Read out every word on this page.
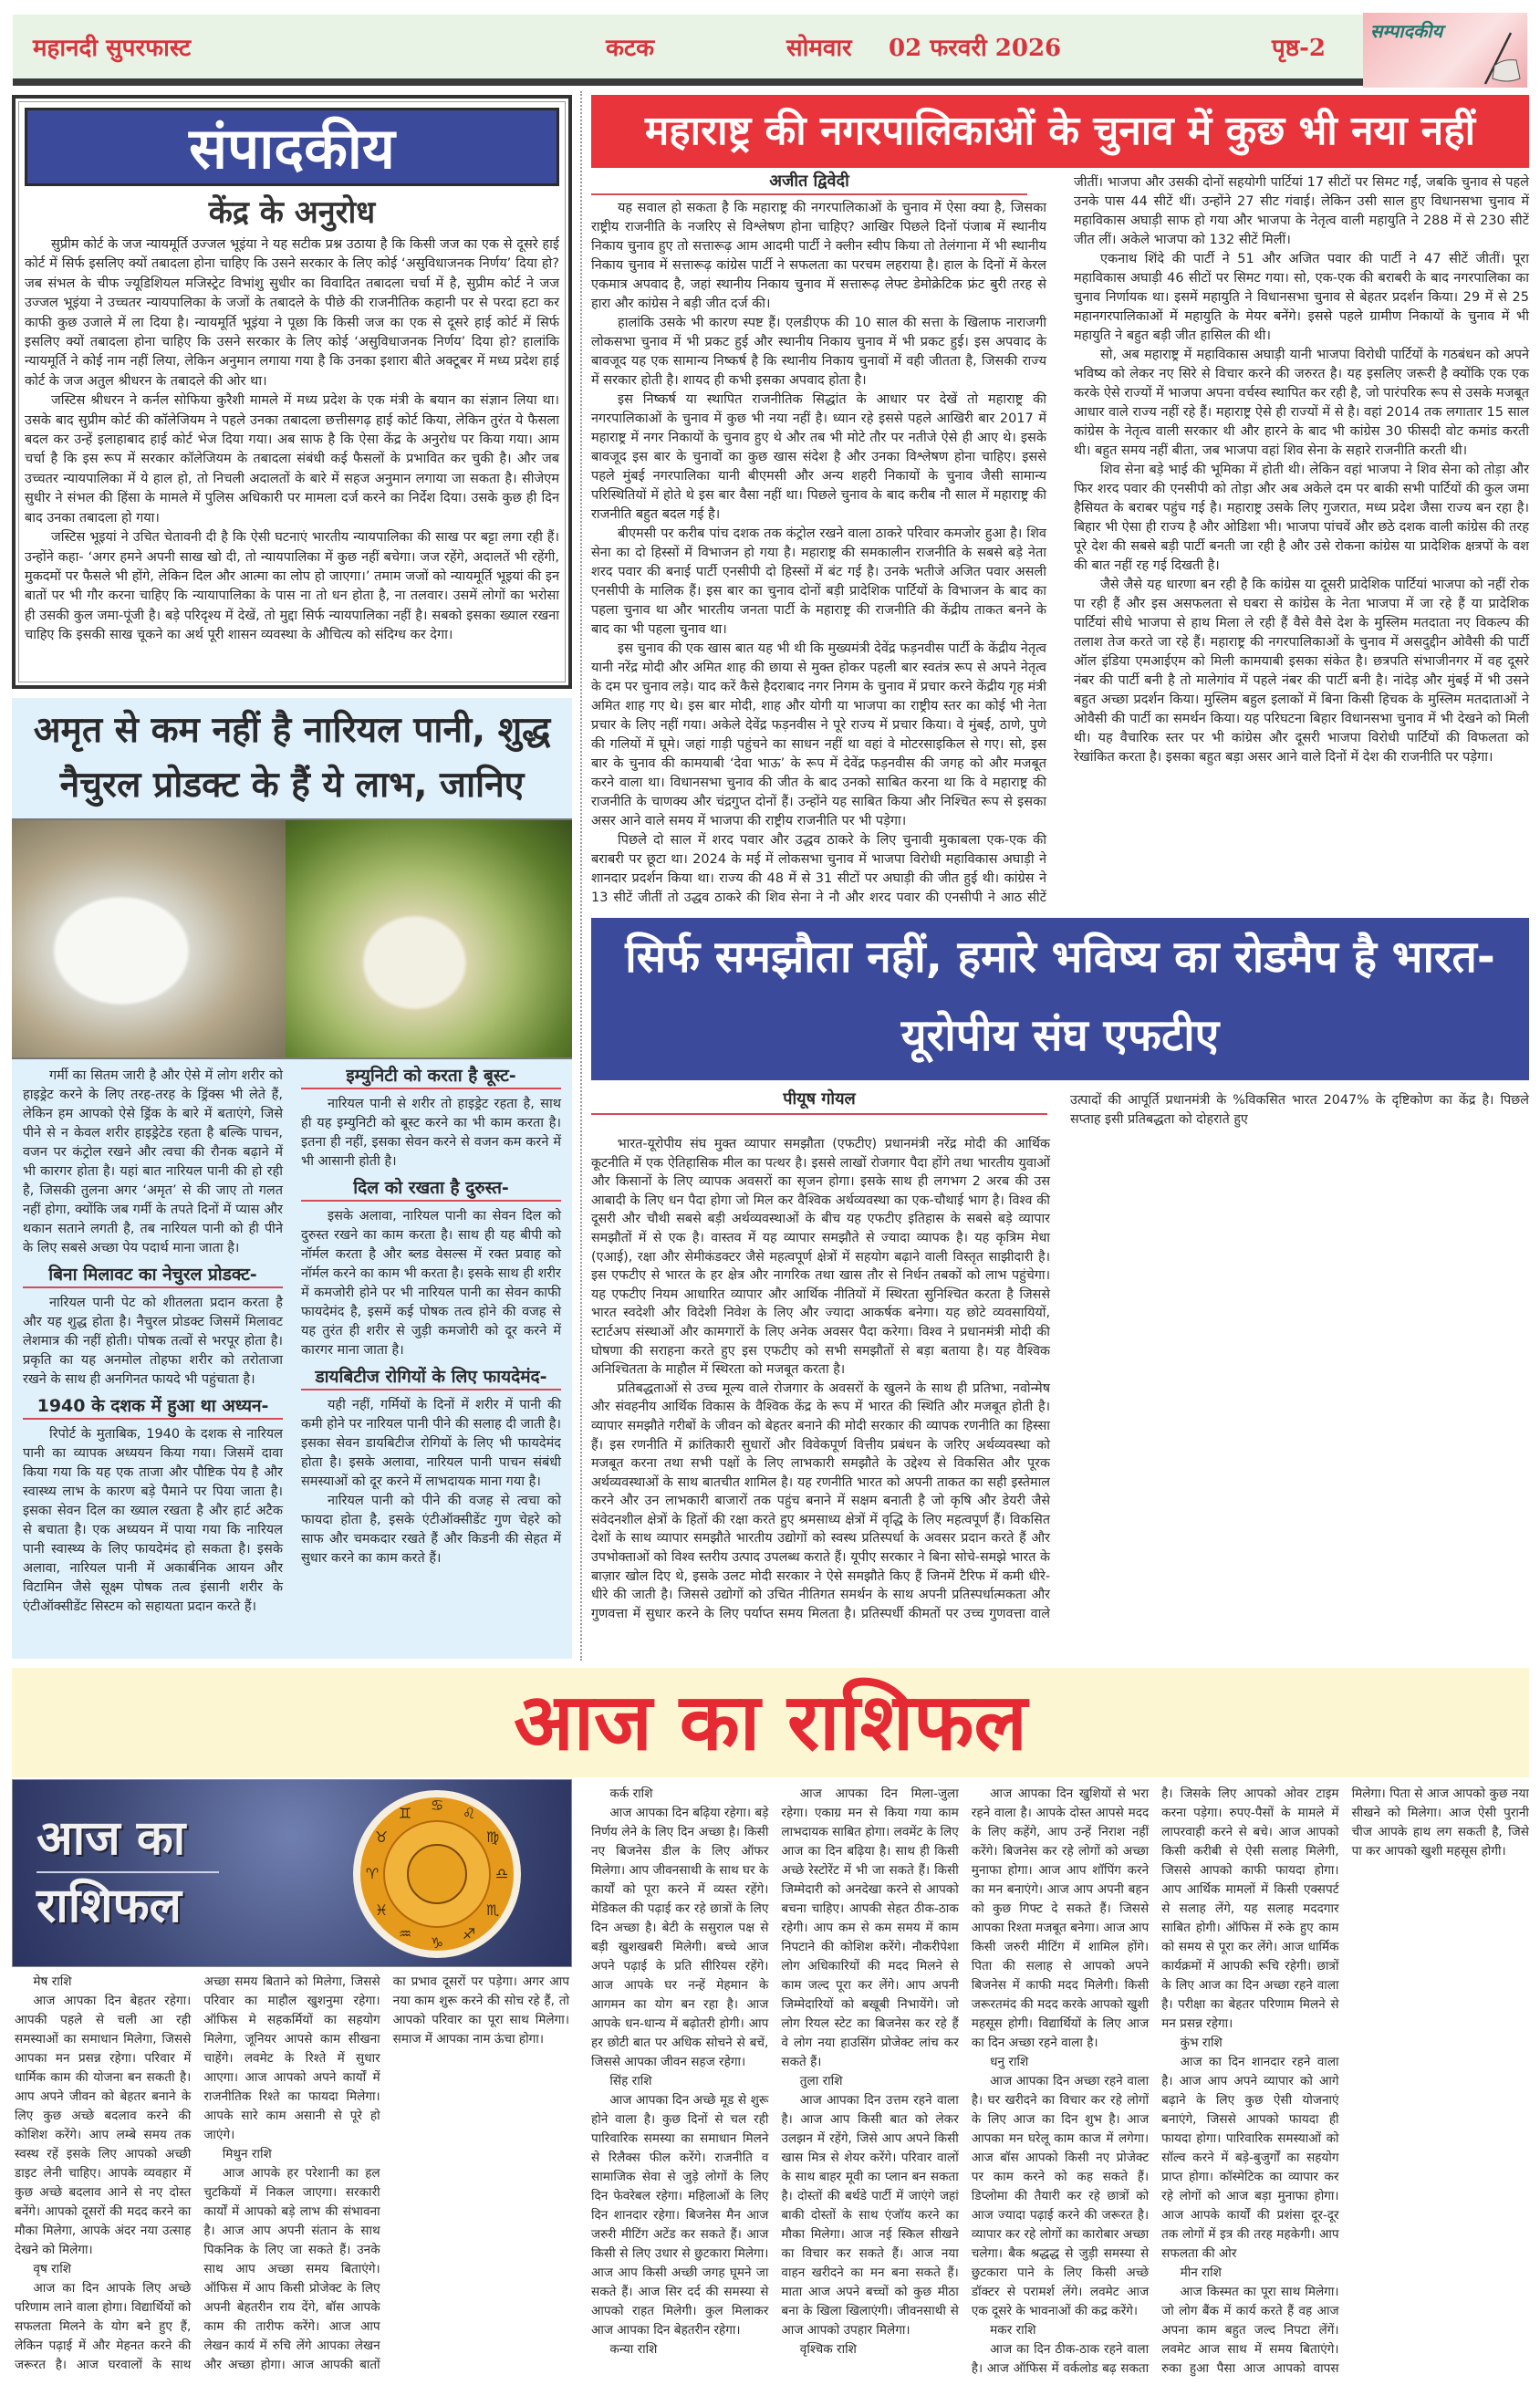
महानदी सुपरफास्ट	कटक	सोमवार 02 फरवरी 2026	पृष्ठ-2
सम्पादकीय
संपादकीय
केंद्र के अनुरोध

सुप्रीम कोर्ट के जज न्यायमूर्ति उज्जल भूइंया ने यह सटीक प्रश्न उठाया है कि किसी जज का एक से दूसरे हाई कोर्ट में सिर्फ इसलिए क्यों तबादला होना चाहिए कि उसने सरकार के लिए कोई ‘असुविधाजनक निर्णय’ दिया हो? जब संभल के चीफ ज्यूडिशियल मजिस्ट्रेट विभांशु सुधीर का विवादित तबादला चर्चा में है, सुप्रीम कोर्ट ने जज उज्जल भूइंया ने उच्चतर न्यायपालिका के जजों के तबादले के पीछे की राजनीतिक कहानी पर से परदा हटा कर काफी कुछ उजाले में ला दिया है। न्यायमूर्ति भूइंया ने पूछा कि किसी जज का एक से दूसरे हाई कोर्ट में सिर्फ इसलिए क्यों तबादला होना चाहिए कि उसने सरकार के लिए कोई ‘असुविधाजनक निर्णय’ दिया हो? हालांकि न्यायमूर्ति ने कोई नाम नहीं लिया, लेकिन अनुमान लगाया गया है कि उनका इशारा बीते अक्टूबर में मध्य प्रदेश हाई कोर्ट के जज अतुल श्रीधरन के तबादले की ओर था।

जस्टिस श्रीधरन ने कर्नल सोफिया कुरैशी मामले में मध्य प्रदेश के एक मंत्री के बयान का संज्ञान लिया था। उसके बाद सुप्रीम कोर्ट की कॉलेजियम ने पहले उनका तबादला छत्तीसगढ़ हाई कोर्ट किया, लेकिन तुरंत ये फैसला बदल कर उन्हें इलाहाबाद हाई कोर्ट भेज दिया गया। अब साफ है कि ऐसा केंद्र के अनुरोध पर किया गया। आम चर्चा है कि इस रूप में सरकार कॉलेजियम के तबादला संबंधी कई फैसलों के प्रभावित कर चुकी है। और जब उच्चतर न्यायपालिका में ये हाल हो, तो निचली अदालतों के बारे में सहज अनुमान लगाया जा सकता है। सीजेएम सुधीर ने संभल की हिंसा के मामले में पुलिस अधिकारी पर मामला दर्ज करने का निर्देश दिया। उसके कुछ ही दिन बाद उनका तबादला हो गया।

जस्टिस भूइयां ने उचित चेतावनी दी है कि ऐसी घटनाएं भारतीय न्यायपालिका की साख पर बट्टा लगा रही हैं। उन्होंने कहा- ‘अगर हमने अपनी साख खो दी, तो न्यायपालिका में कुछ नहीं बचेगा। जज रहेंगे, अदालतें भी रहेंगी, मुकदमों पर फैसले भी होंगे, लेकिन दिल और आत्मा का लोप हो जाएगा।’ तमाम जजों को न्यायमूर्ति भूइयां की इन बातों पर भी गौर करना चाहिए कि न्यायापालिका के पास ना तो धन होता है, ना तलवार। उसमें लोगों का भरोसा ही उसकी कुल जमा-पूंजी है। बड़े परिदृश्य में देखें, तो मुद्दा सिर्फ न्यायपालिका नहीं है। सबको इसका ख्याल रखना चाहिए कि इसकी साख चूकने का अर्थ पूरी शासन व्यवस्था के औचित्य को संदिग्ध कर देगा।

अमृत से कम नहीं है नारियल पानी, शुद्ध नैचुरल प्रोडक्ट के हैं ये लाभ, जानिए

गर्मी का सितम जारी है और ऐसे में लोग शरीर को हाइड्रेट करने के लिए तरह-तरह के ड्रिंक्स भी लेते हैं, लेकिन हम आपको ऐसे ड्रिंक के बारे में बताएंगे, जिसे पीने से न केवल शरीर हाइड्रेटेड रहता है बल्कि पाचन, वजन पर कंट्रोल रखने और त्वचा की रौनक बढ़ाने में भी कारगर होता है। यहां बात नारियल पानी की हो रही है, जिसकी तुलना अगर ‘अमृत’ से की जाए तो गलत नहीं होगा, क्योंकि जब गर्मी के तपते दिनों में प्यास और थकान सताने लगती है, तब नारियल पानी को ही पीने के लिए सबसे अच्छा पेय पदार्थ माना जाता है।

बिना मिलावट का नेचुरल प्रोडक्ट-

नारियल पानी पेट को शीतलता प्रदान करता है और यह शुद्ध होता है। नैचुरल प्रोडक्ट जिसमें मिलावट लेशमात्र की नहीं होती। पोषक तत्वों से भरपूर होता है। प्रकृति का यह अनमोल तोहफा शरीर को तरोताजा रखने के साथ ही अनगिनत फायदे भी पहुंचाता है।

1940 के दशक में हुआ था अध्यन-

रिपोर्ट के मुताबिक, 1940 के दशक से नारियल पानी का व्यापक अध्ययन किया गया। जिसमें दावा किया गया कि यह एक ताजा और पौष्टिक पेय है और स्वास्थ्य लाभ के कारण बड़े पैमाने पर पिया जाता है। इसका सेवन दिल का ख्याल रखता है और हार्ट अटैक से बचाता है। एक अध्ययन में पाया गया कि नारियल पानी स्वास्थ्य के लिए फायदेमंद हो सकता है। इसके अलावा, नारियल पानी में अकार्बनिक आयन और विटामिन जैसे सूक्ष्म पोषक तत्व इंसानी शरीर के एंटीऑक्सीडेंट सिस्टम को सहायता प्रदान करते हैं।

इम्युनिटी को करता है बूस्ट-

नारियल पानी से शरीर तो हाइड्रेट रहता है, साथ ही यह इम्युनिटी को बूस्ट करने का भी काम करता है। इतना ही नहीं, इसका सेवन करने से वजन कम करने में भी आसानी होती है।

दिल को रखता है दुरुस्त-

इसके अलावा, नारियल पानी का सेवन दिल को दुरुस्त रखने का काम करता है। साथ ही यह बीपी को नॉर्मल करता है और ब्लड वेसल्स में रक्त प्रवाह को नॉर्मल करने का काम भी करता है। इसके साथ ही शरीर में कमजोरी होने पर भी नारियल पानी का सेवन काफी फायदेमंद है, इसमें कई पोषक तत्व होने की वजह से यह तुरंत ही शरीर से जुड़ी कमजोरी को दूर करने में कारगर माना जाता है।

डायबिटीज रोगियों के लिए फायदेमंद-

यही नहीं, गर्मियों के दिनों में शरीर में पानी की कमी होने पर नारियल पानी पीने की सलाह दी जाती है। इसका सेवन डायबिटीज रोगियों के लिए भी फायदेमंद होता है। इसके अलावा, नारियल पानी पाचन संबंधी समस्याओं को दूर करने में लाभदायक माना गया है।

नारियल पानी को पीने की वजह से त्वचा को फायदा होता है, इसके एंटीऑक्सीडेंट गुण चेहरे को साफ और चमकदार रखते हैं और किडनी की सेहत में सुधार करने का काम करते हैं।

महाराष्ट्र की नगरपालिकाओं के चुनाव में कुछ भी नया नहीं

यह सवाल हो सकता है कि महाराष्ट्र की नगरपालिकाओं के चुनाव में ऐसा क्या है, जिसका राष्ट्रीय राजनीति के नजरिए से विश्लेषण होना चाहिए? आखिर पिछले दिनों पंजाब में स्थानीय निकाय चुनाव हुए तो सत्तारूढ़ आम आदमी पार्टी ने क्लीन स्वीप किया तो तेलंगाना में भी स्थानीय निकाय चुनाव में सत्तारूढ़ कांग्रेस पार्टी ने सफलता का परचम लहराया है। हाल के दिनों में केरल एकमात्र अपवाद है, जहां स्थानीय निकाय चुनाव में सत्तारूढ़ लेफ्ट डेमोक्रेटिक फ्रंट बुरी तरह से हारा और कांग्रेस ने बड़ी जीत दर्ज की।

हालांकि उसके भी कारण स्पष्ट हैं। एलडीएफ की 10 साल की सत्ता के खिलाफ नाराजगी लोकसभा चुनाव में भी प्रकट हुई और स्थानीय निकाय चुनाव में भी प्रकट हुई। इस अपवाद के बावजूद यह एक सामान्य निष्कर्ष है कि स्थानीय निकाय चुनावों में वही जीतता है, जिसकी राज्य में सरकार होती है। शायद ही कभी इसका अपवाद होता है।

इस निष्कर्ष या स्थापित राजनीतिक सिद्धांत के आधार पर देखें तो महाराष्ट्र की नगरपालिकाओं के चुनाव में कुछ भी नया नहीं है। ध्यान रहे इससे पहले आखिरी बार 2017 में महाराष्ट्र में नगर निकायों के चुनाव हुए थे और तब भी मोटे तौर पर नतीजे ऐसे ही आए थे। इसके बावजूद इस बार के चुनावों का कुछ खास संदेश है और उनका विश्लेषण होना चाहिए। इससे पहले मुंबई नगरपालिका यानी बीएमसी और अन्य शहरी निकायों के चुनाव जैसी सामान्य परिस्थितियों में होते थे इस बार वैसा नहीं था। पिछले चुनाव के बाद करीब नौ साल में महाराष्ट्र की राजनीति बहुत बदल गई है।

बीएमसी पर करीब पांच दशक तक कंट्रोल रखने वाला ठाकरे परिवार कमजोर हुआ है। शिव सेना का दो हिस्सों में विभाजन हो गया है। महाराष्ट्र की समकालीन राजनीति के सबसे बड़े नेता शरद पवार की बनाई पार्टी एनसीपी दो हिस्सों में बंट गई है। उनके भतीजे अजित पवार असली एनसीपी के मालिक हैं। इस बार का चुनाव दोनों बड़ी प्रादेशिक पार्टियों के विभाजन के बाद का पहला चुनाव था और भारतीय जनता पार्टी के महाराष्ट्र की राजनीति की केंद्रीय ताकत बनने के बाद का भी पहला चुनाव था।

इस चुनाव की एक खास बात यह भी थी कि मुख्यमंत्री देवेंद्र फड़नवीस पार्टी के केंद्रीय नेतृत्व यानी नरेंद्र मोदी और अमित शाह की छाया से मुक्त होकर पहली बार स्वतंत्र रूप से अपने नेतृत्व के दम पर चुनाव लड़े। याद करें कैसे हैदराबाद नगर निगम के चुनाव में प्रचार करने केंद्रीय गृह मंत्री अमित शाह गए थे। इस बार मोदी, शाह और योगी या भाजपा का राष्ट्रीय स्तर का कोई भी नेता प्रचार के लिए नहीं गया। अकेले देवेंद्र फड़नवीस ने पूरे राज्य में प्रचार किया। वे मुंबई, ठाणे, पुणे की गलियों में घूमे। जहां गाड़ी पहुंचने का साधन नहीं था वहां वे मोटरसाइकिल से गए। सो, इस बार के चुनाव की कामयाबी ‘देवा भाऊ’ के रूप में देवेंद्र फड़नवीस की जगह को और मजबूत करने वाला था। विधानसभा चुनाव की जीत के बाद उनको साबित करना था कि वे महाराष्ट्र की राजनीति के चाणक्य और चंद्रगुप्त दोनों हैं। उन्होंने यह साबित किया और निश्चित रूप से इसका असर आने वाले समय में भाजपा की राष्ट्रीय राजनीति पर भी पड़ेगा।

पिछले दो साल में शरद पवार और उद्धव ठाकरे के लिए चुनावी मुकाबला एक-एक की बराबरी पर छूटा था। 2024 के मई में लोकसभा चुनाव में भाजपा विरोधी महाविकास अघाड़ी ने शानदार प्रदर्शन किया था। राज्य की 48 में से 31 सीटों पर अघाड़ी की जीत हुई थी। कांग्रेस ने 13 सीटें जीतीं तो उद्धव ठाकरे की शिव सेना ने नौ और शरद पवार की एनसीपी ने आठ सीटें जीतीं। भाजपा और उसकी दोनों सहयोगी पार्टियां 17 सीटों पर सिमट गईं, जबकि चुनाव से पहले उनके पास 44 सीटें थीं। उन्होंने 27 सीट गंवाई। लेकिन उसी साल हुए विधानसभा चुनाव में महाविकास अघाड़ी साफ हो गया और भाजपा के नेतृत्व वाली महायुति ने 288 में से 230 सीटें जीत लीं। अकेले भाजपा को 132 सीटें मिलीं।

एकनाथ शिंदे की पार्टी ने 51 और अजित पवार की पार्टी ने 47 सीटें जीतीं। पूरा महाविकास अघाड़ी 46 सीटों पर सिमट गया। सो, एक-एक की बराबरी के बाद नगरपालिका का चुनाव निर्णायक था। इसमें महायुति ने विधानसभा चुनाव से बेहतर प्रदर्शन किया। 29 में से 25 महानगरपालिकाओं में महायुति के मेयर बनेंगे। इससे पहले ग्रामीण निकायों के चुनाव में भी महायुति ने बहुत बड़ी जीत हासिल की थी।

सो, अब महाराष्ट्र में महाविकास अघाड़ी यानी भाजपा विरोधी पार्टियों के गठबंधन को अपने भविष्य को लेकर नए सिरे से विचार करने की जरुरत है। यह इसलिए जरूरी है क्योंकि एक एक करके ऐसे राज्यों में भाजपा अपना वर्चस्व स्थापित कर रही है, जो पारंपरिक रूप से उसके मजबूत आधार वाले राज्य नहीं रहे हैं। महाराष्ट्र ऐसे ही राज्यों में से है। वहां 2014 तक लगातार 15 साल कांग्रेस के नेतृत्व वाली सरकार थी और हारने के बाद भी कांग्रेस 30 फीसदी वोट कमांड करती थी। बहुत समय नहीं बीता, जब भाजपा वहां शिव सेना के सहारे राजनीति करती थी।

शिव सेना बड़े भाई की भूमिका में होती थी। लेकिन वहां भाजपा ने शिव सेना को तोड़ा और फिर शरद पवार की एनसीपी को तोड़ा और अब अकेले दम पर बाकी सभी पार्टियों की कुल जमा हैसियत के बराबर पहुंच गई है। महाराष्ट्र उसके लिए गुजरात, मध्य प्रदेश जैसा राज्य बन रहा है। बिहार भी ऐसा ही राज्य है और ओडिशा भी। भाजपा पांचवें और छठे दशक वाली कांग्रेस की तरह पूरे देश की सबसे बड़ी पार्टी बनती जा रही है और उसे रोकना कांग्रेस या प्रादेशिक क्षत्रपों के वश की बात नहीं रह गई दिखती है।

जैसे जैसे यह धारणा बन रही है कि कांग्रेस या दूसरी प्रादेशिक पार्टियां भाजपा को नहीं रोक पा रही हैं और इस असफलता से घबरा से कांग्रेस के नेता भाजपा में जा रहे हैं या प्रादेशिक पार्टियां सीधे भाजपा से हाथ मिला ले रही हैं वैसे वैसे देश के मुस्लिम मतदाता नए विकल्प की तलाश तेज करते जा रहे हैं। महाराष्ट्र की नगरपालिकाओं के चुनाव में असदुद्दीन ओवैसी की पार्टी ऑल इंडिया एमआईएम को मिली कामयाबी इसका संकेत है। छत्रपति संभाजीनगर में वह दूसरे नंबर की पार्टी बनी है तो मालेगांव में पहले नंबर की पार्टी बनी है। नांदेड़ और मुंबई में भी उसने बहुत अच्छा प्रदर्शन किया। मुस्लिम बहुल इलाकों में बिना किसी हिचक के मुस्लिम मतदाताओं ने ओवैसी की पार्टी का समर्थन किया। यह परिघटना बिहार विधानसभा चुनाव में भी देखने को मिली थी। यह वैचारिक स्तर पर भी कांग्रेस और दूसरी भाजपा विरोधी पार्टियों की विफलता को रेखांकित करता है। इसका बहुत बड़ा असर आने वाले दिनों में देश की राजनीति पर पड़ेगा।

अजीत द्विवेदी
सिर्फ समझौता नहीं, हमारे भविष्य का रोडमैप है भारत-यूरोपीय संघ एफटीए

भारत-यूरोपीय संघ मुक्त व्यापार समझौता (एफटीए) प्रधानमंत्री नरेंद्र मोदी की आर्थिक कूटनीति में एक ऐतिहासिक मील का पत्थर है। इससे लाखों रोजगार पैदा होंगे तथा भारतीय युवाओं और किसानों के लिए व्यापक अवसरों का सृजन होगा। इसके साथ ही लगभग 2 अरब की उस आबादी के लिए धन पैदा होगा जो मिल कर वैश्विक अर्थव्यवस्था का एक-चौथाई भाग है। विश्व की दूसरी और चौथी सबसे बड़ी अर्थव्यवस्थाओं के बीच यह एफटीए इतिहास के सबसे बड़े व्यापार समझौतों में से एक है। वास्तव में यह व्यापार समझौते से ज्यादा व्यापक है। यह कृत्रिम मेधा (एआई), रक्षा और सेमीकंडक्टर जैसे महत्वपूर्ण क्षेत्रों में सहयोग बढ़ाने वाली विस्तृत साझीदारी है। इस एफटीए से भारत के हर क्षेत्र और नागरिक तथा खास तौर से निर्धन तबकों को लाभ पहुंचेगा। यह एफटीए नियम आधारित व्यापार और आर्थिक नीतियों में स्थिरता सुनिश्चित करता है जिससे भारत स्वदेशी और विदेशी निवेश के लिए और ज्यादा आकर्षक बनेगा। यह छोटे व्यवसायियों, स्टार्टअप संस्थाओं और कामगारों के लिए अनेक अवसर पैदा करेगा। विश्व ने प्रधानमंत्री मोदी की घोषणा की सराहना करते हुए इस एफटीए को सभी समझौतों से बड़ा बताया है। यह वैश्विक अनिश्चितता के माहौल में स्थिरता को मजबूत करता है।

प्रतिबद्धताओं से उच्च मूल्य वाले रोजगार के अवसरों के खुलने के साथ ही प्रतिभा, नवोन्मेष और संवहनीय आर्थिक विकास के वैश्विक केंद्र के रूप में भारत की स्थिति और मजबूत होती है। व्यापार समझौते गरीबों के जीवन को बेहतर बनाने की मोदी सरकार की व्यापक रणनीति का हिस्सा हैं। इस रणनीति में क्रांतिकारी सुधारों और विवेकपूर्ण वित्तीय प्रबंधन के जरिए अर्थव्यवस्था को मजबूत करना तथा सभी पक्षों के लिए लाभकारी समझौते के उद्देश्य से विकसित और पूरक अर्थव्यवस्थाओं के साथ बातचीत शामिल है। यह रणनीति भारत को अपनी ताकत का सही इस्तेमाल करने और उन लाभकारी बाजारों तक पहुंच बनाने में सक्षम बनाती है जो कृषि और डेयरी जैसे संवेदनशील क्षेत्रों के हितों की रक्षा करते हुए श्रमसाध्य क्षेत्रों में वृद्धि के लिए महत्वपूर्ण हैं। विकसित देशों के साथ व्यापार समझौते भारतीय उद्योगों को स्वस्थ प्रतिस्पर्धा के अवसर प्रदान करते हैं और उपभोक्ताओं को विश्व स्तरीय उत्पाद उपलब्ध कराते हैं। यूपीए सरकार ने बिना सोचे-समझे भारत के बाज़ार खोल दिए थे, इसके उलट मोदी सरकार ने ऐसे समझौते किए हैं जिनमें टैरिफ में कमी धीरे-धीरे की जाती है। जिससे उद्योगों को उचित नीतिगत समर्थन के साथ अपनी प्रतिस्पर्धात्मकता और गुणवत्ता में सुधार करने के लिए पर्याप्त समय मिलता है। प्रतिस्पर्धी कीमतों पर उच्च गुणवत्ता वाले उत्पादों की आपूर्ति प्रधानमंत्री के %विकसित भारत 2047% के दृष्टिकोण का केंद्र है। पिछले सप्ताह इसी प्रतिबद्धता को दोहराते हुए

पीयूष गोयल
आज का राशिफल
आज का
राशिफल
♋ ♌
♍
♎
♏
♐
♑
♒
♓
♈
♉
♊
मेष राशि

आज आपका दिन बेहतर रहेगा। आपकी पहले से चली आ रही समस्याओं का समाधान मिलेगा, जिससे आपका मन प्रसन्न रहेगा। परिवार में धार्मिक काम की योजना बन सकती है। आप अपने जीवन को बेहतर बनाने के लिए कुछ अच्छे बदलाव करने की कोशिश करेंगे। आप लम्बे समय तक स्वस्थ रहें इसके लिए आपको अच्छी डाइट लेनी चाहिए। आपके व्यवहार में कुछ अच्छे बदलाव आने से नए दोस्त बनेंगे। आपको दूसरों की मदद करने का मौका मिलेगा, आपके अंदर नया उत्साह देखने को मिलेगा।

वृष राशि

आज का दिन आपके लिए अच्छे परिणाम लाने वाला होगा। विद्यार्थियों को सफलता मिलने के योग बने हुए हैं, लेकिन पढ़ाई में और मेहनत करने की जरूरत है। आज घरवालों के साथ अच्छा समय बिताने को मिलेगा, जिससे परिवार का माहौल खुशनुमा रहेगा। ऑफिस मे सहकर्मियों का सहयोग मिलेगा, जूनियर आपसे काम सीखना चाहेंगे। लवमेट के रिश्ते में सुधार आएगा। आज आपको अपने कार्यों में राजनीतिक रिश्ते का फायदा मिलेगा। आपके सारे काम असानी से पूरे हो जाएंगे।

मिथुन राशि

आज आपके हर परेशानी का हल चुटकियों में निकल जाएगा। सरकारी कार्यों में आपको बड़े लाभ की संभावना है। आज आप अपनी संतान के साथ पिकनिक के लिए जा सकते हैं। उनके साथ आप अच्छा समय बिताएंगे। ऑफिस में आप किसी प्रोजेक्ट के लिए अपनी बेहतरीन राय देंगे, बॉस आपके काम की तारीफ करेंगे। आज आप लेखन कार्य में रुचि लेंगे आपका लेखन और अच्छा होगा। आज आपकी बातों का प्रभाव दूसरों पर पड़ेगा। अगर आप नया काम शुरू करने की सोच रहे हैं, तो आपको परिवार का पूरा साथ मिलेगा। समाज में आपका नाम ऊंचा होगा।

कर्क राशि

आज आपका दिन बढ़िया रहेगा। बड़े निर्णय लेने के लिए दिन अच्छा है। किसी नए बिजनेस डील के लिए ऑफर मिलेगा। आप जीवनसाथी के साथ घर के कार्यों को पूरा करने में व्यस्त रहेंगे। मेडिकल की पढ़ाई कर रहे छात्रों के लिए दिन अच्छा है। बेटी के ससुराल पक्ष से बड़ी खुशखबरी मिलेगी। बच्चे आज अपने पढ़ाई के प्रति सीरियस रहेंगे। आज आपके घर नन्हें मेहमान के आगमन का योग बन रहा है। आज आपके धन-धान्य में बढ़ोतरी होगी। आप हर छोटी बात पर अधिक सोचने से बचें, जिससे आपका जीवन सहज रहेगा।

सिंह राशि

आज आपका दिन अच्छे मूड से शुरू होने वाला है। कुछ दिनों से चल रही पारिवारिक समस्या का समाधान मिलने से रिलैक्स फील करेंगे। राजनीति व सामाजिक सेवा से जुड़े लोगों के लिए दिन फेवरेबल रहेगा। महिलाओं के लिए दिन शानदार रहेगा। बिजनेस मैन आज जरुरी मीटिंग अटेंड कर सकते हैं। आज किसी से लिए उधार से छुटकारा मिलेगा। आज आप किसी अच्छी जगह घूमने जा सकते हैं। आज सिर दर्द की समस्या से आपको राहत मिलेगी। कुल मिलाकर आज आपका दिन बेहतरीन रहेगा।

कन्या राशि

आज आपका दिन मिला-जुला रहेगा। एकाग्र मन से किया गया काम लाभदायक साबित होगा। लवमेंट के लिए आज का दिन बढ़िया है। साथ ही किसी अच्छे रेस्टोरेंट में भी जा सकते हैं। किसी जिम्मेदारी को अनदेखा करने से आपको बचना चाहिए। आपकी सेहत ठीक-ठाक रहेगी। आप कम से कम समय में काम निपटाने की कोशिश करेंगे। नौकरीपेशा लोग अधिकारियों की मदद मिलने से काम जल्द पूरा कर लेंगे। आप अपनी जिम्मेदारियों को बखूबी निभायेंगे। जो लोग रियल स्टेट का बिजनेस कर रहे हैं वे लोग नया हाउसिंग प्रोजेक्ट लांच कर सकते हैं।

तुला राशि

आज आपका दिन उत्तम रहने वाला है। आज आप किसी बात को लेकर उलझन में रहेंगे, जिसे आप अपने किसी खास मित्र से शेयर करेंगे। परिवार वालों के साथ बाहर मूवी का प्लान बन सकता है। दोस्तों की बर्थडे पार्टी में जाएंगे जहां बाकी दोस्तों के साथ एंजॉय करने का मौका मिलेगा। आज नई स्किल सीखने का विचार कर सकते हैं। आज नया वाहन खरीदने का मन बना सकते हैं। माता आज अपने बच्चों को कुछ मीठा बना के खिला खिलाएंगी। जीवनसाथी से आज आपको उपहार मिलेगा।

वृश्चिक राशि

आज आपका दिन खुशियों से भरा रहने वाला है। आपके दोस्त आपसे मदद के लिए कहेंगे, आप उन्हें निराश नहीं करेंगे। बिजनेस कर रहे लोगों को अच्छा मुनाफा होगा। आज आप शॉपिंग करने का मन बनाएंगे। आज आप अपनी बहन को कुछ गिफ्ट दे सकते हैं। जिससे आपका रिश्ता मजबूत बनेगा। आज आप किसी जरुरी मीटिंग में शामिल होंगे। पिता की सलाह से आपको अपने बिजनेस में काफी मदद मिलेगी। किसी जरूरतमंद की मदद करके आपको खुशी महसूस होगी। विद्यार्थियों के लिए आज का दिन अच्छा रहने वाला है।

धनु राशि

आज आपका दिन अच्छा रहने वाला है। घर खरीदने का विचार कर रहे लोगों के लिए आज का दिन शुभ है। आज आपका मन घरेलू काम काज में लगेगा। आज बॉस आपको किसी नए प्रोजेक्ट पर काम करने को कह सकते हैं। डिप्लोमा की तैयारी कर रहे छात्रों को आज ज्यादा पढ़ाई करने की जरूरत है। व्यापार कर रहे लोगों का कारोबार अच्छा चलेगा। बैक श्रद्धद्ध से जुड़ी समस्या से छुटकारा पाने के लिए किसी अच्छे डॉक्टर से परामर्श लेंगे। लवमेट आज एक दूसरे के भावनाओं की कद्र करेंगे।

मकर राशि

आज का दिन ठीक-ठाक रहने वाला है। आज ऑफिस में वर्कलोड बढ़ सकता है। जिसके लिए आपको ओवर टाइम करना पड़ेगा। रुपए-पैसों के मामले में लापरवाही करने से बचे। आज आपको किसी करीबी से ऐसी सलाह मिलेगी, जिससे आपको काफी फायदा होगा। आप आर्थिक मामलों में किसी एक्सपर्ट से सलाह लेंगे, यह सलाह मददगार साबित होगी। ऑफिस में रुके हुए काम को समय से पूरा कर लेंगे। आज धार्मिक कार्यक्रमों में आपकी रूचि रहेगी। छात्रों के लिए आज का दिन अच्छा रहने वाला है। परीक्षा का बेहतर परिणाम मिलने से मन प्रसन्न रहेगा।

कुंभ राशि

आज का दिन शानदार रहने वाला है। आज आप अपने व्यापार को आगे बढ़ाने के लिए कुछ ऐसी योजनाएं बनाएंगे, जिससे आपको फायदा ही फायदा होगा। पारिवारिक समस्याओं को सॉल्व करने में बड़े-बुजुर्गों का सहयोग प्राप्त होगा। कॉस्मेटिक का व्यापार कर रहे लोगों को आज बड़ा मुनाफा होगा। आज आपके कार्यों की प्रशंसा दूर-दूर तक लोगों में इत्र की तरह महकेगी। आप सफलता की ओर

मीन राशि

आज किस्मत का पूरा साथ मिलेगा। जो लोग बैंक में कार्य करते हैं वह आज अपना काम बहुत जल्द निपटा लेंगें। लवमेट आज साथ में समय बिताएंगे। रुका हुआ पैसा आज आपको वापस मिलेगा। पिता से आज आपको कुछ नया सीखने को मिलेगा। आज ऐसी पुरानी चीज आपके हाथ लग सकती है, जिसे पा कर आपको खुशी महसूस होगी।
